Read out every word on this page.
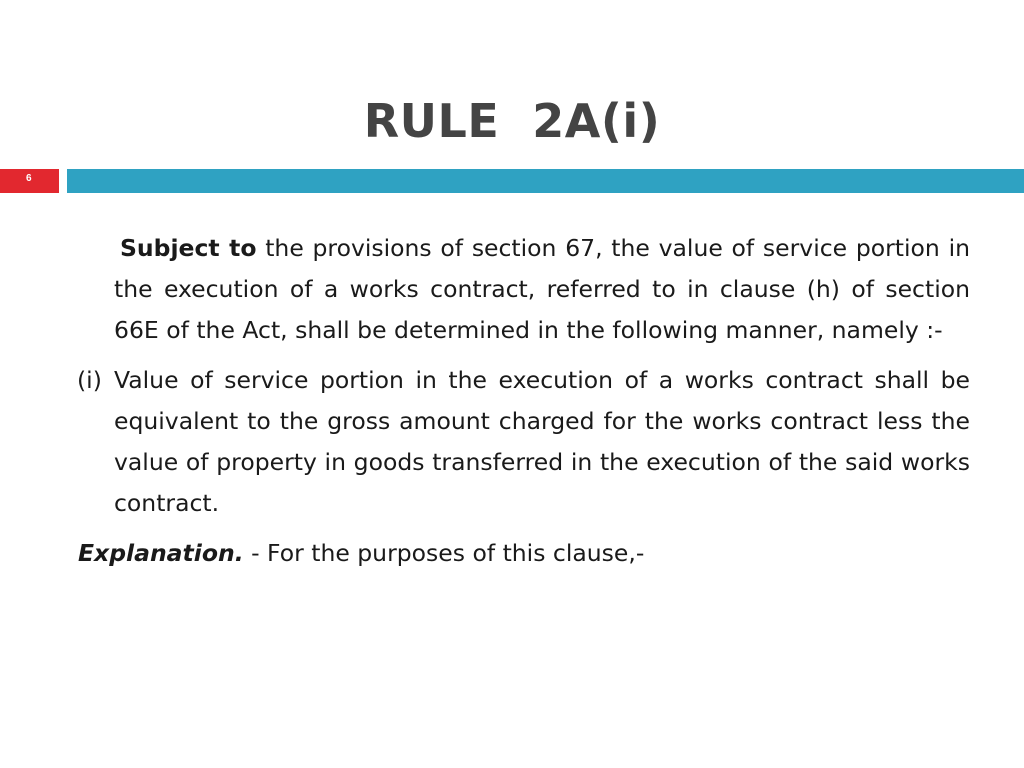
RULE  2A(i)
6

Subject to the provisions of section 67, the value of service portion in the execution of a works contract, referred to in clause (h) of section 66E of the Act, shall be determined in the following manner, namely :-

(i) Value of service portion in the execution of a works contract shall be equivalent to the gross amount charged for the works contract less the value of property in goods transferred in the execution of the said works contract.

Explanation. - For the purposes of this clause,-
